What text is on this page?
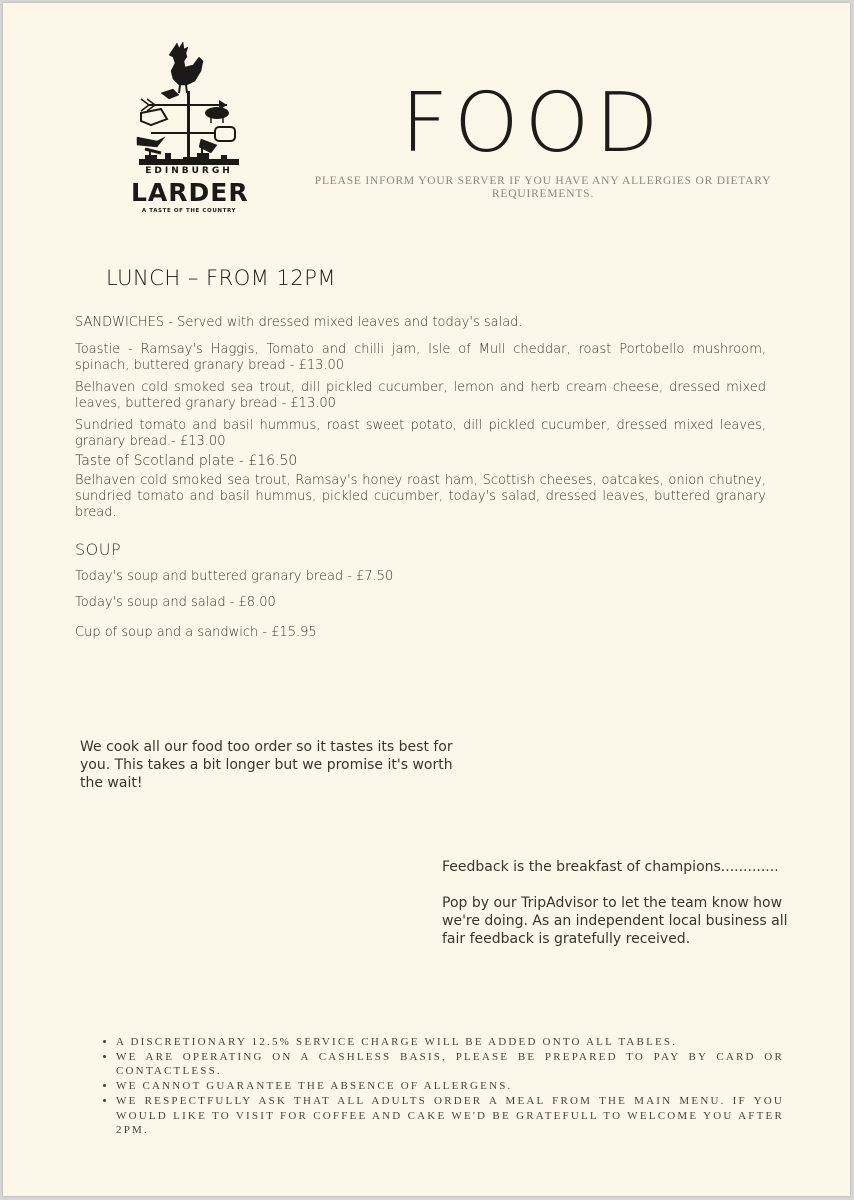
EDINBURGH
LARDER
A TASTE OF THE COUNTRY
FOOD
PLEASE INFORM YOUR SERVER IF YOU HAVE ANY ALLERGIES OR DIETARY REQUIREMENTS.
LUNCH – FROM 12PM

SANDWICHES - Served with dressed mixed leaves and today's salad.

Toastie - Ramsay's Haggis, Tomato and chilli jam, Isle of Mull cheddar, roast Portobello mushroom, spinach, buttered granary bread - £13.00

Belhaven cold smoked sea trout, dill pickled cucumber, lemon and herb cream cheese, dressed mixed leaves, buttered granary bread - £13.00

Sundried tomato and basil hummus, roast sweet potato, dill pickled cucumber, dressed mixed leaves, granary bread.- £13.00

Taste of Scotland plate - £16.50

Belhaven cold smoked sea trout, Ramsay's honey roast ham, Scottish cheeses, oatcakes, onion chutney, sundried tomato and basil hummus, pickled cucumber, today's salad, dressed leaves, buttered granary bread.

SOUP

Today's soup and buttered granary bread - £7.50

Today's soup and salad - £8.00

Cup of soup and a sandwich - £15.95

We cook all our food too order so it tastes its best for you. This takes a bit longer but we promise it's worth the wait!

Feedback is the breakfast of champions.............

Pop by our TripAdvisor to let the team know how we're doing. As an independent local business all fair feedback is gratefully received.

• A DISCRETIONARY 12.5% SERVICE CHARGE WILL BE ADDED ONTO ALL TABLES.
• WE ARE OPERATING ON A CASHLESS BASIS, PLEASE BE PREPARED TO PAY BY CARD OR CONTACTLESS.
• WE CANNOT GUARANTEE THE ABSENCE OF ALLERGENS.
• WE RESPECTFULLY ASK THAT ALL ADULTS ORDER A MEAL FROM THE MAIN MENU. IF YOU WOULD LIKE TO VISIT FOR COFFEE AND CAKE WE'D BE GRATEFULL TO WELCOME YOU AFTER 2PM.
